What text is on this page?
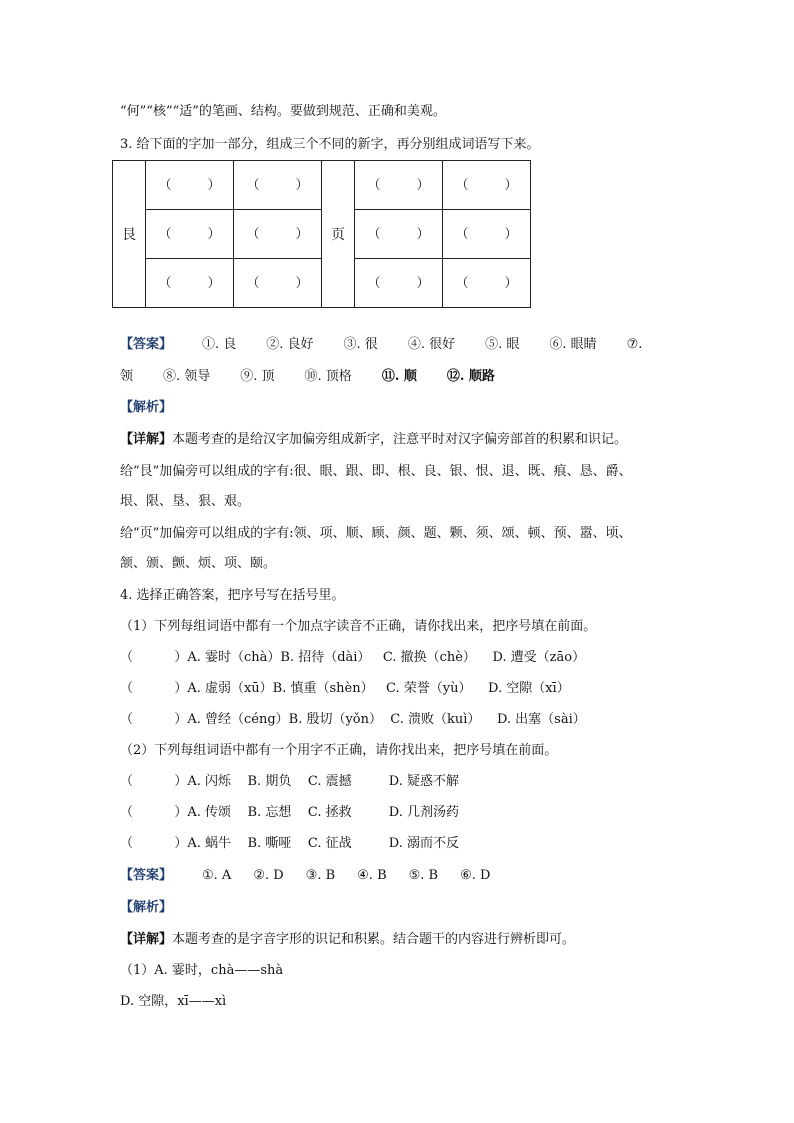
“何”“核”“适”的笔画、结构。要做到规范、正确和美观。

3. 给下面的字加一部分，组成三个不同的新字，再分别组成词语写下来。

艮	（ ）	（ ）	页	（ ）	（ ）

	（ ）	（ ）		（ ）	（ ）

	（ ）	（ ）		（ ）	（ ）

【答案】 ①. 良 ②. 良好 ③. 很 ④. 很好 ⑤. 眼 ⑥. 眼睛 ⑦.

领 ⑧. 领导 ⑨. 顶 ⑩. 顶格 ⑪. 顺 ⑫. 顺路

【解析】

【详解】本题考查的是给汉字加偏旁组成新字，注意平时对汉字偏旁部首的积累和识记。

给“艮”加偏旁可以组成的字有:很、眼、跟、即、根、良、银、恨、退、既、痕、恳、爵、

垠、限、垦、狠、艰。

给“页”加偏旁可以组成的字有:领、项、顺、顾、颜、题、颗、须、颂、顿、预、嚣、顷、

颔、颁、颤、烦、项、颐。

4. 选择正确答案，把序号写在括号里。

（1）下列每组词语中都有一个加点字读音不正确，请你找出来，把序号填在前面。

（          ）A. 霎时（chà）B. 招待（dài）   C. 撤换（chè）    D. 遭受（zāo）

（          ）A. 虚弱（xū）B. 慎重（shèn）   C. 荣誉（yù）    D. 空隙（xī）

（          ）A. 曾经（céng）B. 殷切（yǒn）  C. 溃败（kuì）    D. 出塞（sài）

（2）下列每组词语中都有一个用字不正确，请你找出来，把序号填在前面。

（          ）A. 闪烁    B. 期负    C. 震撼         D. 疑惑不解

（          ）A. 传颂    B. 忘想    C. 拯救         D. 几剂汤药

（          ）A. 蜗牛    B. 嘶哑    C. 征战         D. 溺而不反

【答案】 ①. A ②. D ③. B ④. B ⑤. B ⑥. D

【解析】

【详解】本题考查的是字音字形的识记和积累。结合题干的内容进行辨析即可。

（1）A. 霎时，chà——shà

D. 空隙，xī——xì
